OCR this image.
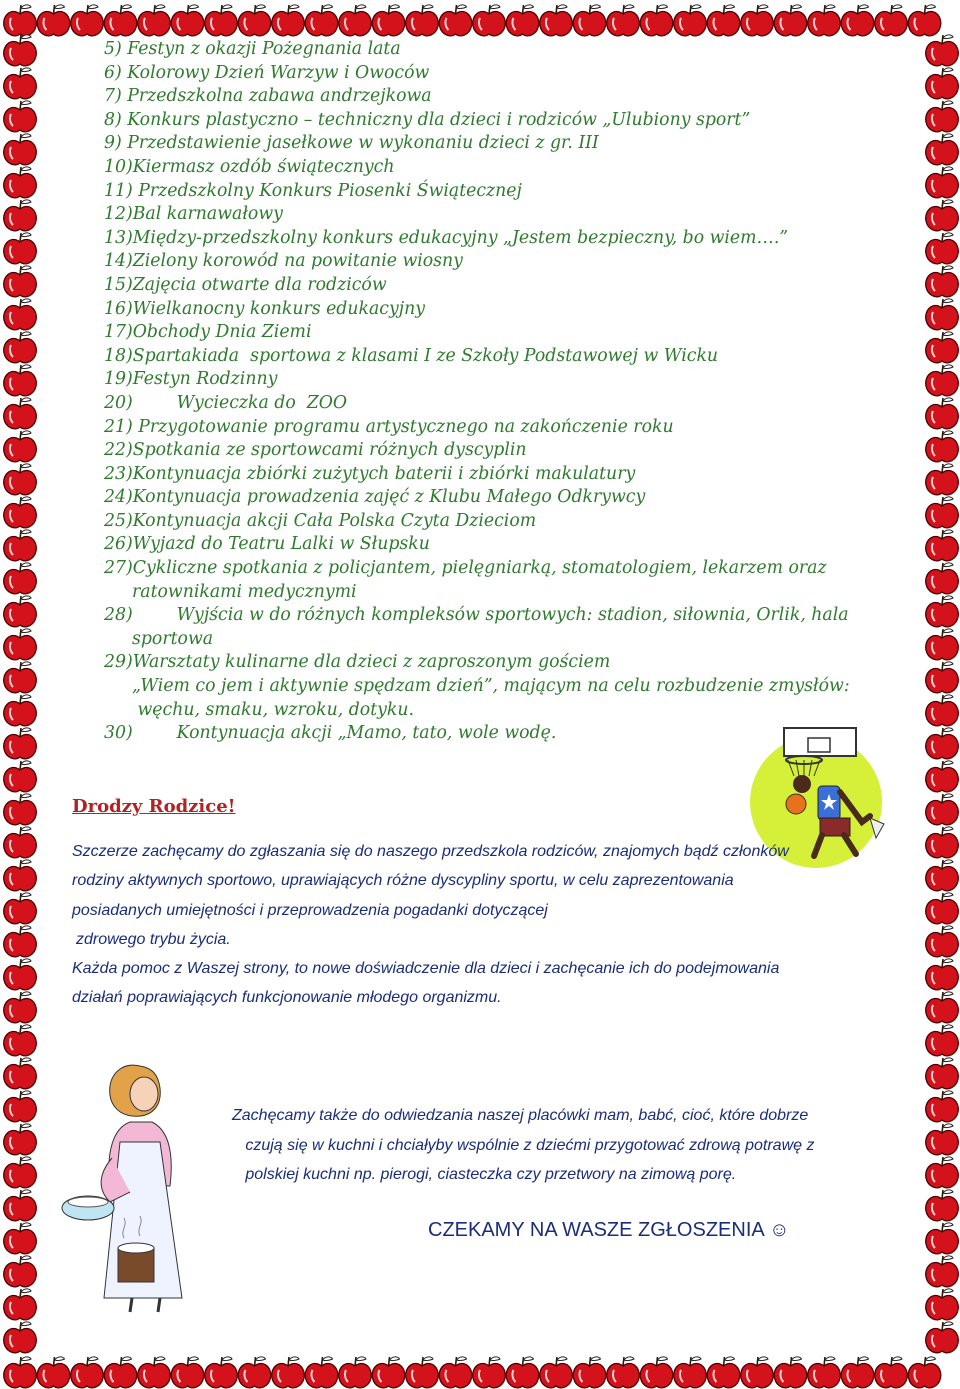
5) Festyn z okazji Pożegnania lata
6) Kolorowy Dzień Warzyw i Owoców
7) Przedszkolna zabawa andrzejkowa
8) Konkurs plastyczno – techniczny dla dzieci i rodziców „Ulubiony sport”
9) Przedstawienie jasełkowe w wykonaniu dzieci z gr. III
10)Kiermasz ozdób świątecznych
11) Przedszkolny Konkurs Piosenki Świątecznej
12)Bal karnawałowy
13)Między-przedszkolny konkurs edukacyjny „Jestem bezpieczny, bo wiem….”
14)Zielony korowód na powitanie wiosny
15)Zajęcia otwarte dla rodziców
16)Wielkanocny konkurs edukacyjny
17)Obchody Dnia Ziemi
18)Spartakiada  sportowa z klasami I ze Szkoły Podstawowej w Wicku
19)Festyn Rodzinny
20)        Wycieczka do  ZOO
21) Przygotowanie programu artystycznego na zakończenie roku
22)Spotkania ze sportowcami różnych dyscyplin
23)Kontynuacja zbiórki zużytych baterii i zbiórki makulatury
24)Kontynuacja prowadzenia zajęć z Klubu Małego Odkrywcy
25)Kontynuacja akcji Cała Polska Czyta Dzieciom
26)Wyjazd do Teatru Lalki w Słupsku
27)Cykliczne spotkania z policjantem, pielęgniarką, stomatologiem, lekarzem oraz
ratownikami medycznymi
28)        Wyjścia w do różnych kompleksów sportowych: stadion, siłownia, Orlik, hala
sportowa
29)Warsztaty kulinarne dla dzieci z zaproszonym gościem
„Wiem co jem i aktywnie spędzam dzień”, mającym na celu rozbudzenie zmysłów:
węchu, smaku, wzroku, dotyku.
30)        Kontynuacja akcji „Mamo, tato, wole wodę.
Drodzy Rodzice!

Szczerze zachęcamy do zgłaszania się do naszego przedszkola rodziców, znajomych bądź członków

rodziny aktywnych sportowo, uprawiających różne dyscypliny sportu, w celu zaprezentowania

posiadanych umiejętności i przeprowadzenia pogadanki dotyczącej

zdrowego trybu życia.

Każda pomoc z Waszej strony, to nowe doświadczenie dla dzieci i zachęcanie ich do podejmowania

działań poprawiających funkcjonowanie młodego organizmu.

Zachęcamy także do odwiedzania naszej placówki mam, babć, cioć, które dobrze

czują się w kuchni i chciałyby wspólnie z dziećmi przygotować zdrową potrawę z

polskiej kuchni np. pierogi, ciasteczka czy przetwory na zimową porę.

CZEKAMY NA WASZE ZGŁOSZENIA ☺
